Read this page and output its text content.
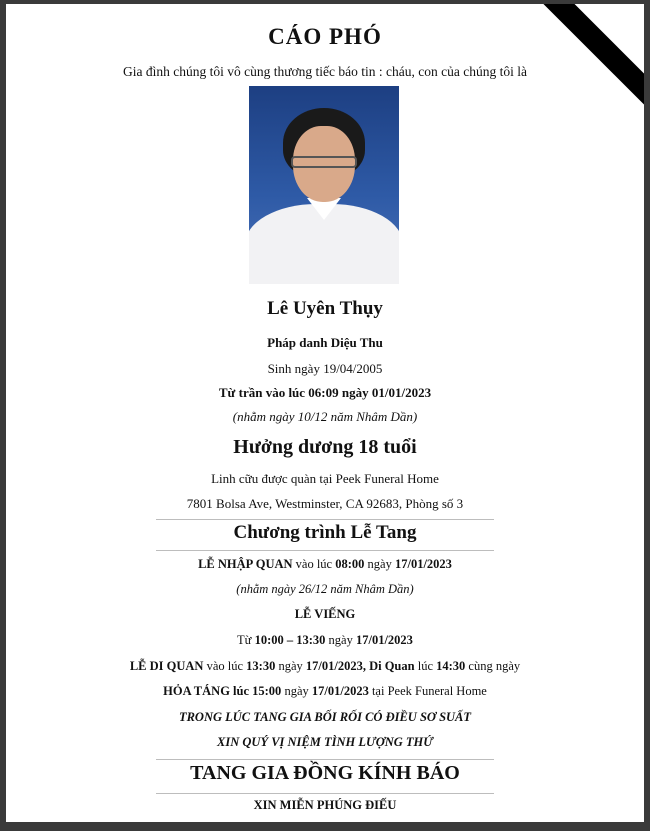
CÁO PHÓ
Gia đình chúng tôi vô cùng thương tiếc báo tin : cháu, con của chúng tôi là
Lê Uyên Thụy
Pháp danh Diệu Thu
Sinh ngày 19/04/2005
Từ trần vào lúc 06:09 ngày 01/01/2023
(nhằm ngày 10/12 năm Nhâm Dần)
Hưởng dương 18 tuổi
Linh cữu được quàn tại Peek Funeral Home
7801 Bolsa Ave, Westminster, CA 92683, Phòng số 3
Chương trình Lễ Tang
LỄ NHẬP QUAN vào lúc 08:00 ngày 17/01/2023
(nhằm ngày 26/12 năm Nhâm Dần)
LỄ VIẾNG
Từ 10:00 – 13:30 ngày 17/01/2023
LỄ DI QUAN vào lúc 13:30 ngày 17/01/2023, Di Quan lúc 14:30 cùng ngày
HỎA TÁNG lúc 15:00 ngày 17/01/2023 tại Peek Funeral Home
TRONG LÚC TANG GIA BỐI RỐI CÓ ĐIỀU SƠ SUẤT
XIN QUÝ VỊ NIỆM TÌNH LƯỢNG THỨ
TANG GIA ĐỒNG KÍNH BÁO
XIN MIỄN PHÚNG ĐIẾU
